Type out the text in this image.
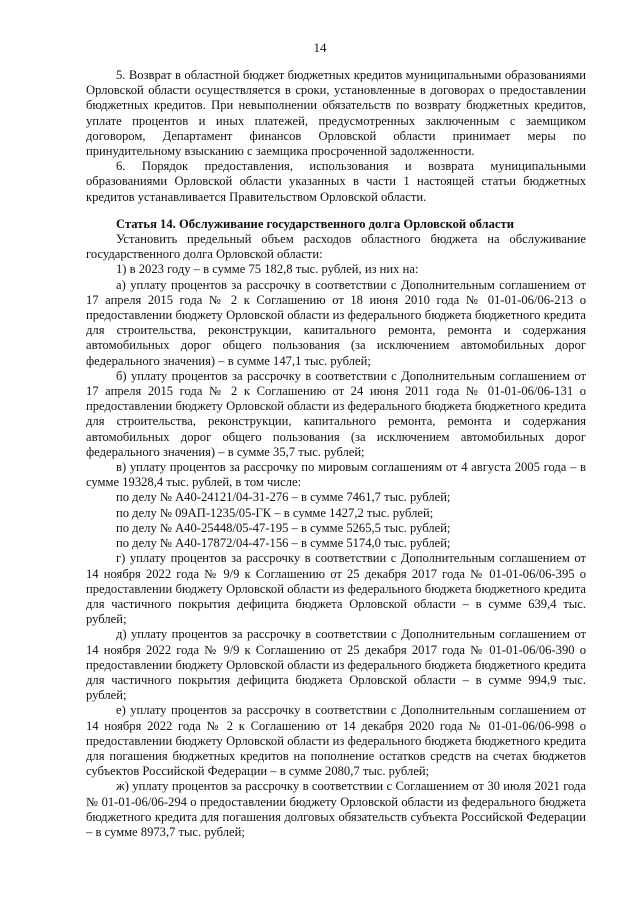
14

5. Возврат в областной бюджет бюджетных кредитов муниципальными образованиями Орловской области осуществляется в сроки, установленные в договорах о предоставлении бюджетных кредитов. При невыполнении обязательств по возврату бюджетных кредитов, уплате процентов и иных платежей, предусмотренных заключенным с заемщиком договором, Департамент финансов Орловской области принимает меры по принудительному взысканию с заемщика просроченной задолженности.

6. Порядок предоставления, использования и возврата муниципальными образованиями Орловской области указанных в части 1 настоящей статьи бюджетных кредитов устанавливается Правительством Орловской области.

Статья 14. Обслуживание государственного долга Орловской области

Установить предельный объем расходов областного бюджета на обслуживание государственного долга Орловской области:

1) в 2023 году – в сумме 75 182,8 тыс. рублей, из них на:

а) уплату процентов за рассрочку в соответствии с Дополнительным соглашением от 17 апреля 2015 года № 2 к Соглашению от 18 июня 2010 года № 01-01-06/06-213 о предоставлении бюджету Орловской области из федерального бюджета бюджетного кредита для строительства, реконструкции, капитального ремонта, ремонта и содержания автомобильных дорог общего пользования (за исключением автомобильных дорог федерального значения) – в сумме 147,1 тыс. рублей;

б) уплату процентов за рассрочку в соответствии с Дополнительным соглашением от 17 апреля 2015 года № 2 к Соглашению от 24 июня 2011 года № 01-01-06/06-131 о предоставлении бюджету Орловской области из федерального бюджета бюджетного кредита для строительства, реконструкции, капитального ремонта, ремонта и содержания автомобильных дорог общего пользования (за исключением автомобильных дорог федерального значения) – в сумме 35,7 тыс. рублей;

в) уплату процентов за рассрочку по мировым соглашениям от 4 августа 2005 года – в сумме 19328,4 тыс. рублей, в том числе:

по делу № А40-24121/04-31-276 – в сумме 7461,7 тыс. рублей;

по делу № 09АП-1235/05-ГК – в сумме 1427,2 тыс. рублей;

по делу № А40-25448/05-47-195 – в сумме 5265,5 тыс. рублей;

по делу № А40-17872/04-47-156 – в сумме 5174,0 тыс. рублей;

г) уплату процентов за рассрочку в соответствии с Дополнительным соглашением от 14 ноября 2022 года № 9/9 к Соглашению от 25 декабря 2017 года № 01-01-06/06-395 о предоставлении бюджету Орловской области из федерального бюджета бюджетного кредита для частичного покрытия дефицита бюджета Орловской области – в сумме 639,4 тыс. рублей;

д) уплату процентов за рассрочку в соответствии с Дополнительным соглашением от 14 ноября 2022 года № 9/9 к Соглашению от 25 декабря 2017 года № 01-01-06/06-390 о предоставлении бюджету Орловской области из федерального бюджета бюджетного кредита для частичного покрытия дефицита бюджета Орловской области – в сумме 994,9 тыс. рублей;

е) уплату процентов за рассрочку в соответствии с Дополнительным соглашением от 14 ноября 2022 года № 2 к Соглашению от 14 декабря 2020 года № 01-01-06/06-998 о предоставлении бюджету Орловской области из федерального бюджета бюджетного кредита для погашения бюджетных кредитов на пополнение остатков средств на счетах бюджетов субъектов Российской Федерации – в сумме 2080,7 тыс. рублей;

ж) уплату процентов за рассрочку в соответствии с Соглашением от 30 июля 2021 года № 01-01-06/06-294 о предоставлении бюджету Орловской области из федерального бюджета бюджетного кредита для погашения долговых обязательств субъекта Российской Федерации – в сумме 8973,7 тыс. рублей;
